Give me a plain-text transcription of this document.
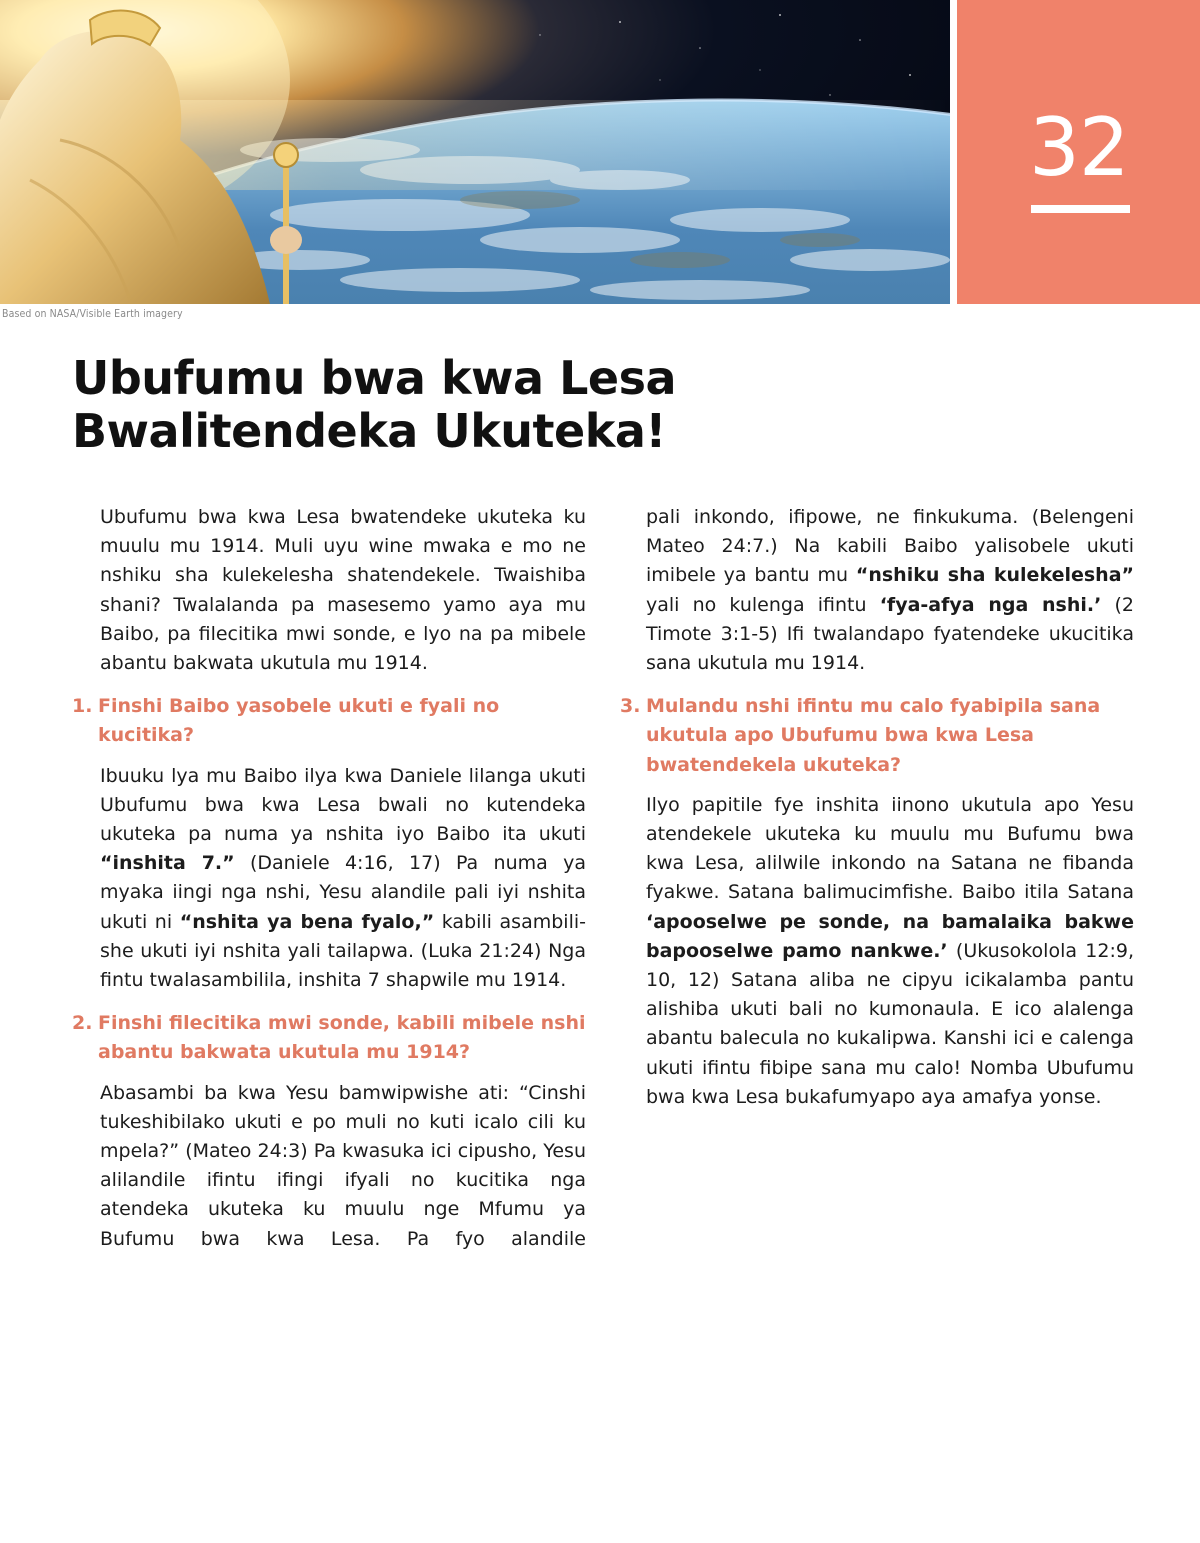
Based on NASA/Visible Earth imagery
32
Ubufumu bwa kwa Lesa
Bwalitendeka Ukuteka!

Ubufumu bwa kwa Lesa bwatendeke ukuteka ku muulu mu 1914. Muli uyu wine mwaka e mo ne nshiku sha kulekelesha shatendekele. Twaishiba shani? Twalalanda pa masesemo yamo aya mu Baibo, pa filecitika mwi sonde, e lyo na pa mibele abantu bakwata ukutula mu 1914.

1. Finshi Baibo yasobele ukuti e fyali no kucitika?

Ibuuku lya mu Baibo ilya kwa Daniele lilanga ukuti Ubufumu bwa kwa Lesa bwali no kutendeka ukuteka pa numa ya nshita iyo Baibo ita ukuti “inshita 7.” (Daniele 4:16, 17) Pa numa ya myaka iingi nga nshi, Yesu alandile pali iyi nshita ukuti ni “nshita ya bena fyalo,” kabili asambilishe ukuti iyi nshita yali tailapwa. (Luka 21:24) Nga fintu twalasambilila, inshita 7 shapwile mu 1914.

2. Finshi filecitika mwi sonde, kabili mibele nshi abantu bakwata ukutula mu 1914?

Abasambi ba kwa Yesu bamwipwishe ati: “Cinshi tukeshibilako ukuti e po muli no kuti icalo cili ku mpela?” (Mateo 24:3) Pa kwasuka ici cipusho, Yesu alilandile ifintu ifingi ifyali no kucitika nga atendeka ukuteka ku muulu nge Mfumu ya Bufumu bwa kwa Lesa. Pa fyo alandile

pali inkondo, ifipowe, ne finkukuma. (Belengeni Mateo 24:7.) Na kabili Baibo yalisobele ukuti imibele ya bantu mu “nshiku sha kulekelesha” yali no kulenga ifintu ‘fya-afya nga nshi.’ (2 Timote 3:1-5) Ifi twalandapo fyatendeke ukucitika sana ukutula mu 1914.

3. Mulandu nshi ifintu mu calo fyabipila sana ukutula apo Ubufumu bwa kwa Lesa bwatendekela ukuteka?

Ilyo papitile fye inshita iinono ukutula apo Yesu atendekele ukuteka ku muulu mu Bufumu bwa kwa Lesa, alilwile inkondo na Satana ne fibanda fyakwe. Satana balimucimfishe. Baibo itila Satana ‘apooselwe pe sonde, na bamalaika bakwe bapooselwe pamo nankwe.’ (Ukusokolola 12:9, 10, 12) Satana aliba ne cipyu icikalamba pantu alishiba ukuti bali no kumonaula. E ico alalenga abantu balecula no kukalipwa. Kanshi ici e calenga ukuti ifintu fibipe sana mu calo! Nomba Ubufumu bwa kwa Lesa bukafumyapo aya amafya yonse.
